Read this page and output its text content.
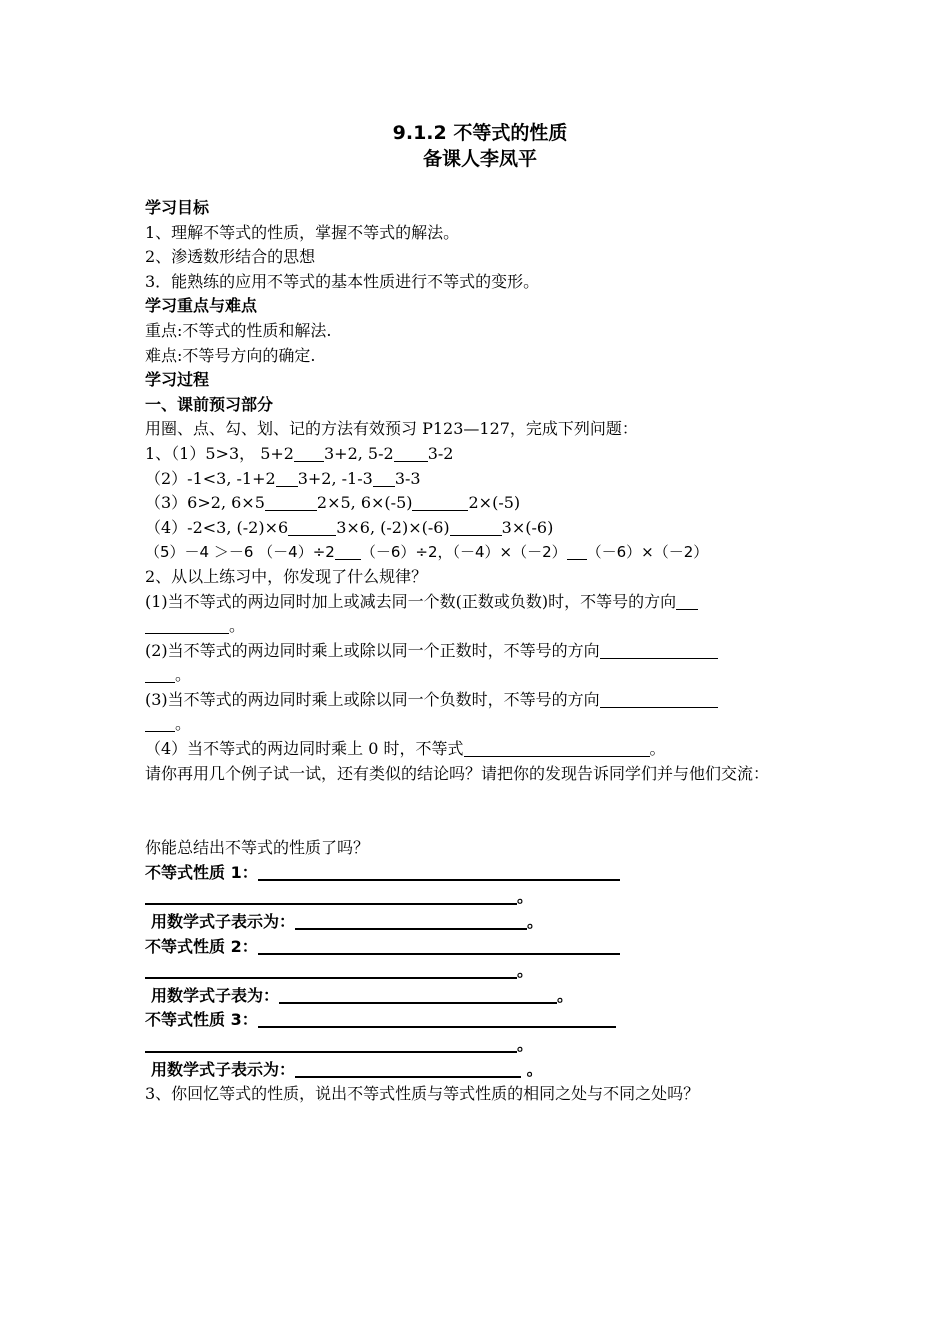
9.1.2 不等式的性质
备课人李凤平
学习目标
1、理解不等式的性质，掌握不等式的解法。
2、渗透数形结合的思想
3．能熟练的应用不等式的基本性质进行不等式的变形。
学习重点与难点
重点:不等式的性质和解法.
难点:不等号方向的确定.
学习过程
一、课前预习部分
用圈、点、勾、划、记的方法有效预习 P123—127，完成下列问题：
1、（1）5>3， 5+2 3+2, 5-2 3-2
（2）-1<3, -1+2 3+2, -1-3 3-3
（3）6>2, 6×5	2×5, 6×(-5)	2×(-5)
（4）-2<3, (-2)×6	3×6, (-2)×(-6)	3×(-6)
（5）－4 ＞－6 （－4）÷2 （－6）÷2，（－4）×（－2） （－6）×（－2）
2、从以上练习中，你发现了什么规律？
(1)当不等式的两边同时加上或减去同一个数(正数或负数)时，不等号的方向
。
(2)当不等式的两边同时乘上或除以同一个正数时，不等号的方向
。
(3)当不等式的两边同时乘上或除以同一个负数时，不等号的方向
。
（4）当不等式的两边同时乘上 0 时，不等式	。
请你再用几个例子试一试，还有类似的结论吗？请把你的发现告诉同学们并与他们交流：
你能总结出不等式的性质了吗？
不等式性质 1：
。
用数学式子表示为：	。
不等式性质 2：
。
用数学式子表为：	。
不等式性质 3：
。
用数学式子表示为：	。
3、你回忆等式的性质，说出不等式性质与等式性质的相同之处与不同之处吗？
